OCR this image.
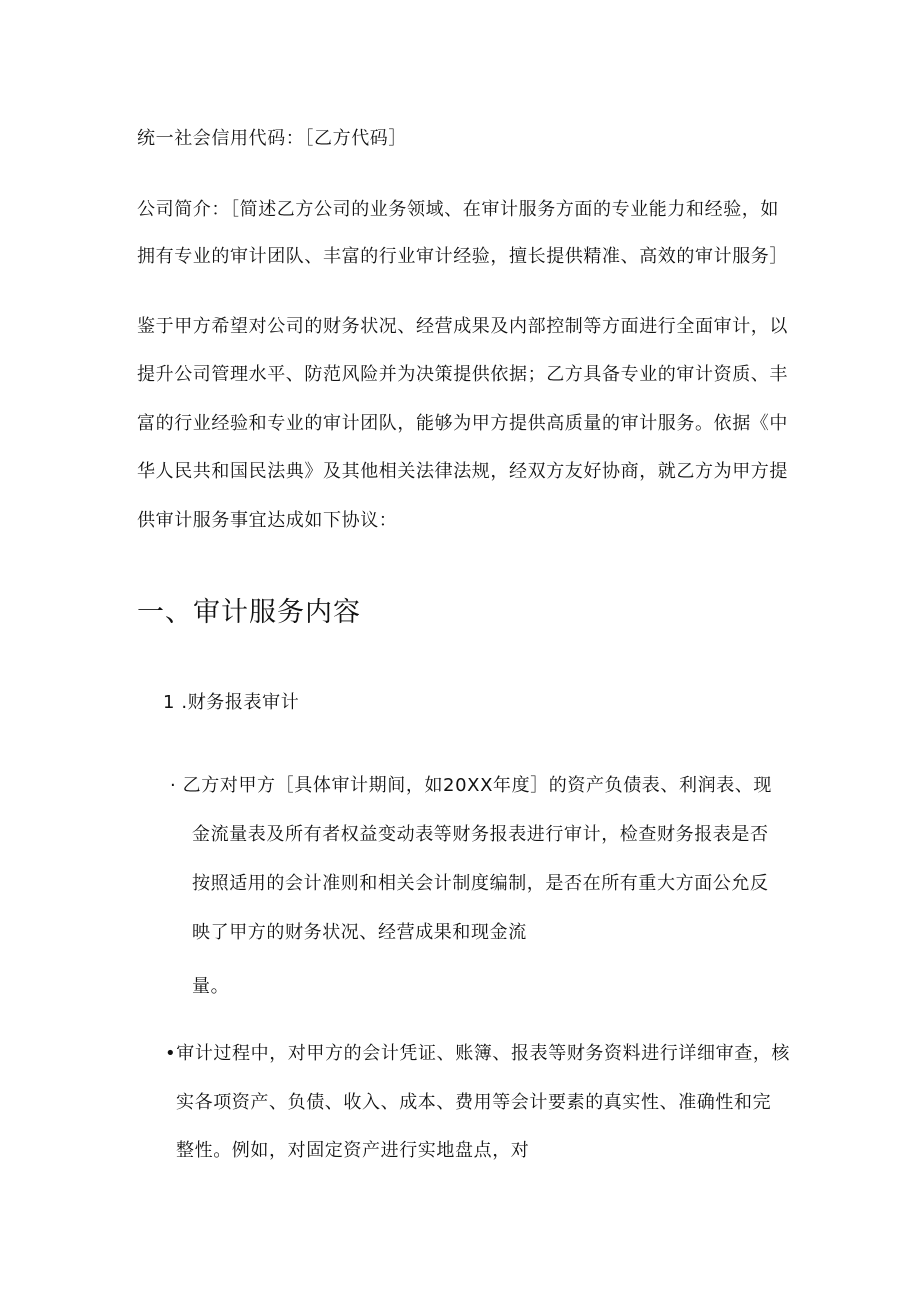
统一社会信用代码：［乙方代码］
公司简介：［简述乙方公司的业务领域、在审计服务方面的专业能力和经验，如
拥有专业的审计团队、丰富的行业审计经验，擅长提供精准、高效的审计服务］
鉴于甲方希望对公司的财务状况、经营成果及内部控制等方面进行全面审计，以
提升公司管理水平、防范风险并为决策提供依据；乙方具备专业的审计资质、丰
富的行业经验和专业的审计团队，能够为甲方提供高质量的审计服务。依据《中
华人民共和国民法典》及其他相关法律法规，经双方友好协商，就乙方为甲方提
供审计服务事宜达成如下协议：
一、审计服务内容
1 .财务报表审计
· 乙方对甲方［具体审计期间，如20XX年度］的资产负债表、利润表、现
金流量表及所有者权益变动表等财务报表进行审计，检查财务报表是否
按照适用的会计准则和相关会计制度编制，是否在所有重大方面公允反
映了甲方的财务状况、经营成果和现金流
量。
•审计过程中，对甲方的会计凭证、账簿、报表等财务资料进行详细审查，核
实各项资产、负债、收入、成本、费用等会计要素的真实性、准确性和完
整性。例如，对固定资产进行实地盘点，对
